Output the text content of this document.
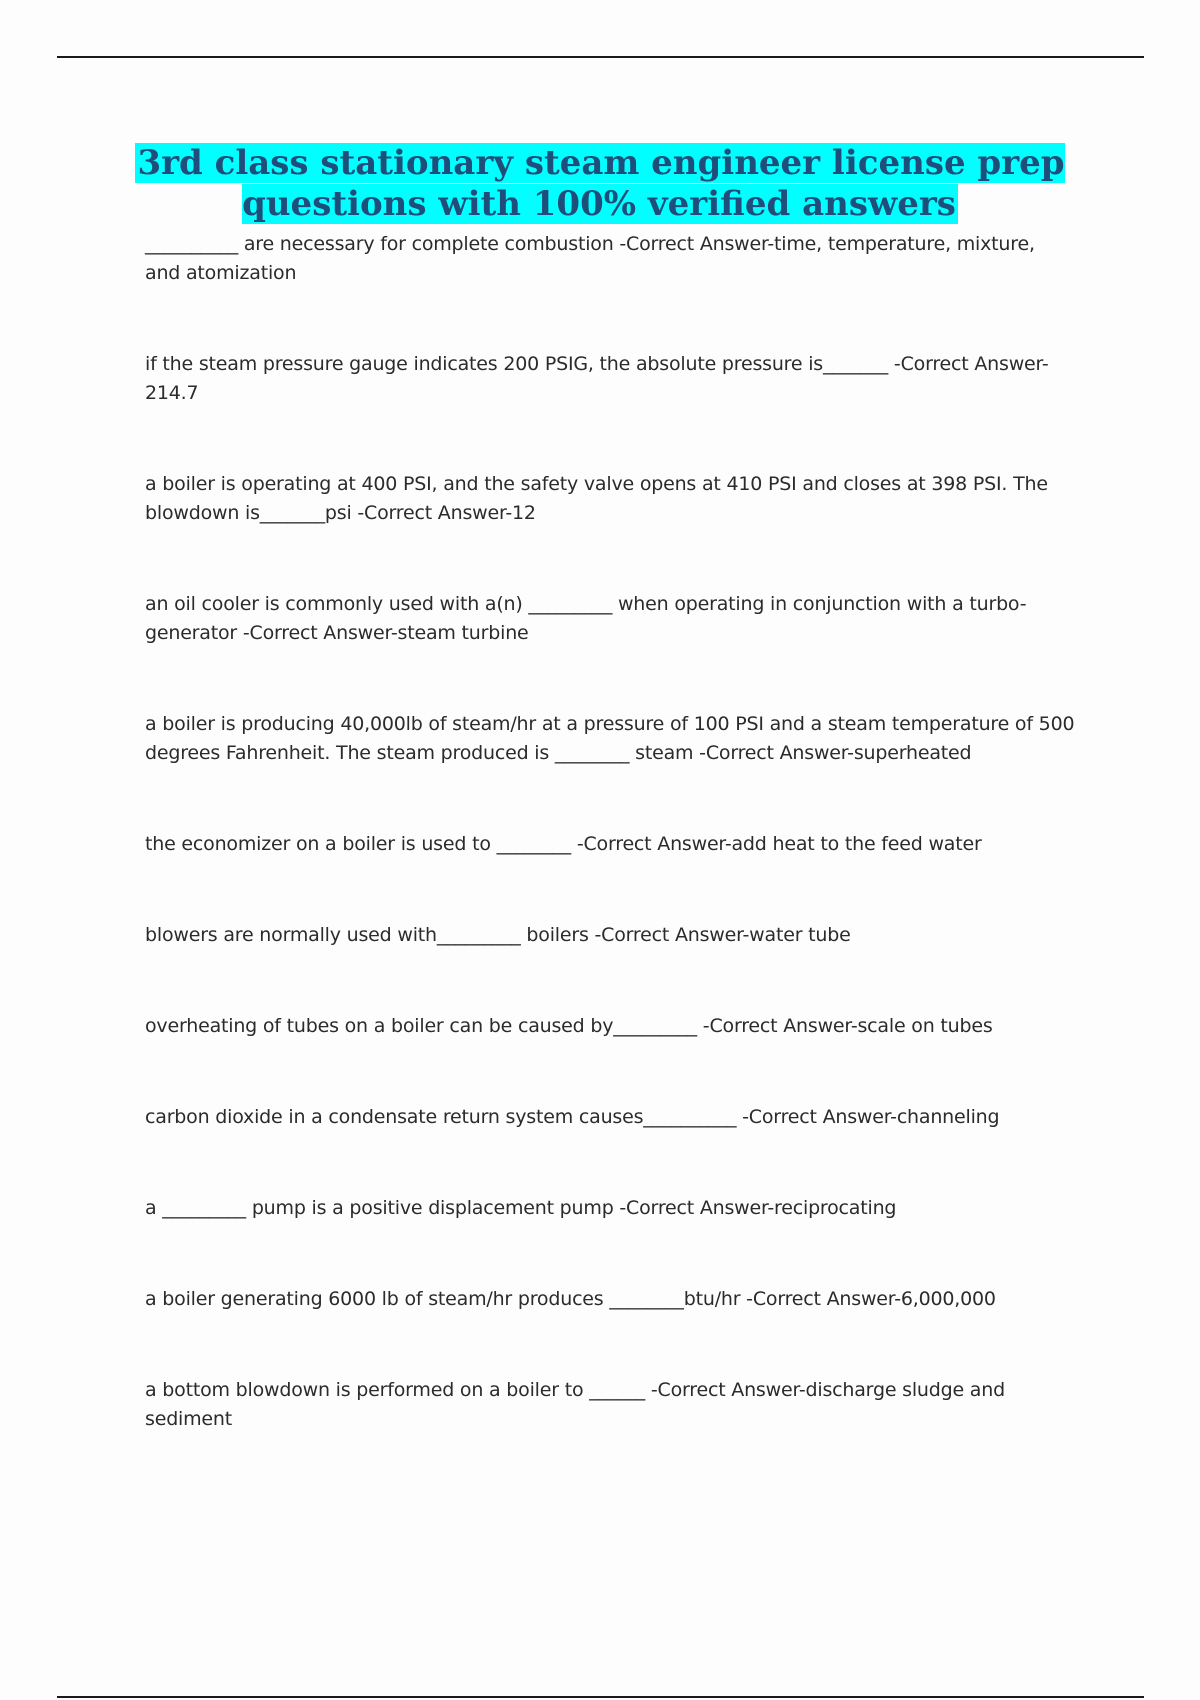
3rd class stationary steam engineer license prep questions with 100% verified answers
__________ are necessary for complete combustion -Correct Answer-time, temperature, mixture, and atomization
if the steam pressure gauge indicates 200 PSIG, the absolute pressure is_______ -Correct Answer-214.7
a boiler is operating at 400 PSI, and the safety valve opens at 410 PSI and closes at 398 PSI. The blowdown is_______psi -Correct Answer-12
an oil cooler is commonly used with a(n) _________ when operating in conjunction with a turbo-generator -Correct Answer-steam turbine
a boiler is producing 40,000lb of steam/hr at a pressure of 100 PSI and a steam temperature of 500 degrees Fahrenheit. The steam produced is ________ steam -Correct Answer-superheated
the economizer on a boiler is used to ________ -Correct Answer-add heat to the feed water
blowers are normally used with_________ boilers -Correct Answer-water tube
overheating of tubes on a boiler can be caused by_________ -Correct Answer-scale on tubes
carbon dioxide in a condensate return system causes__________ -Correct Answer-channeling
a _________ pump is a positive displacement pump -Correct Answer-reciprocating
a boiler generating 6000 lb of steam/hr produces ________btu/hr -Correct Answer-6,000,000
a bottom blowdown is performed on a boiler to ______ -Correct Answer-discharge sludge and sediment
